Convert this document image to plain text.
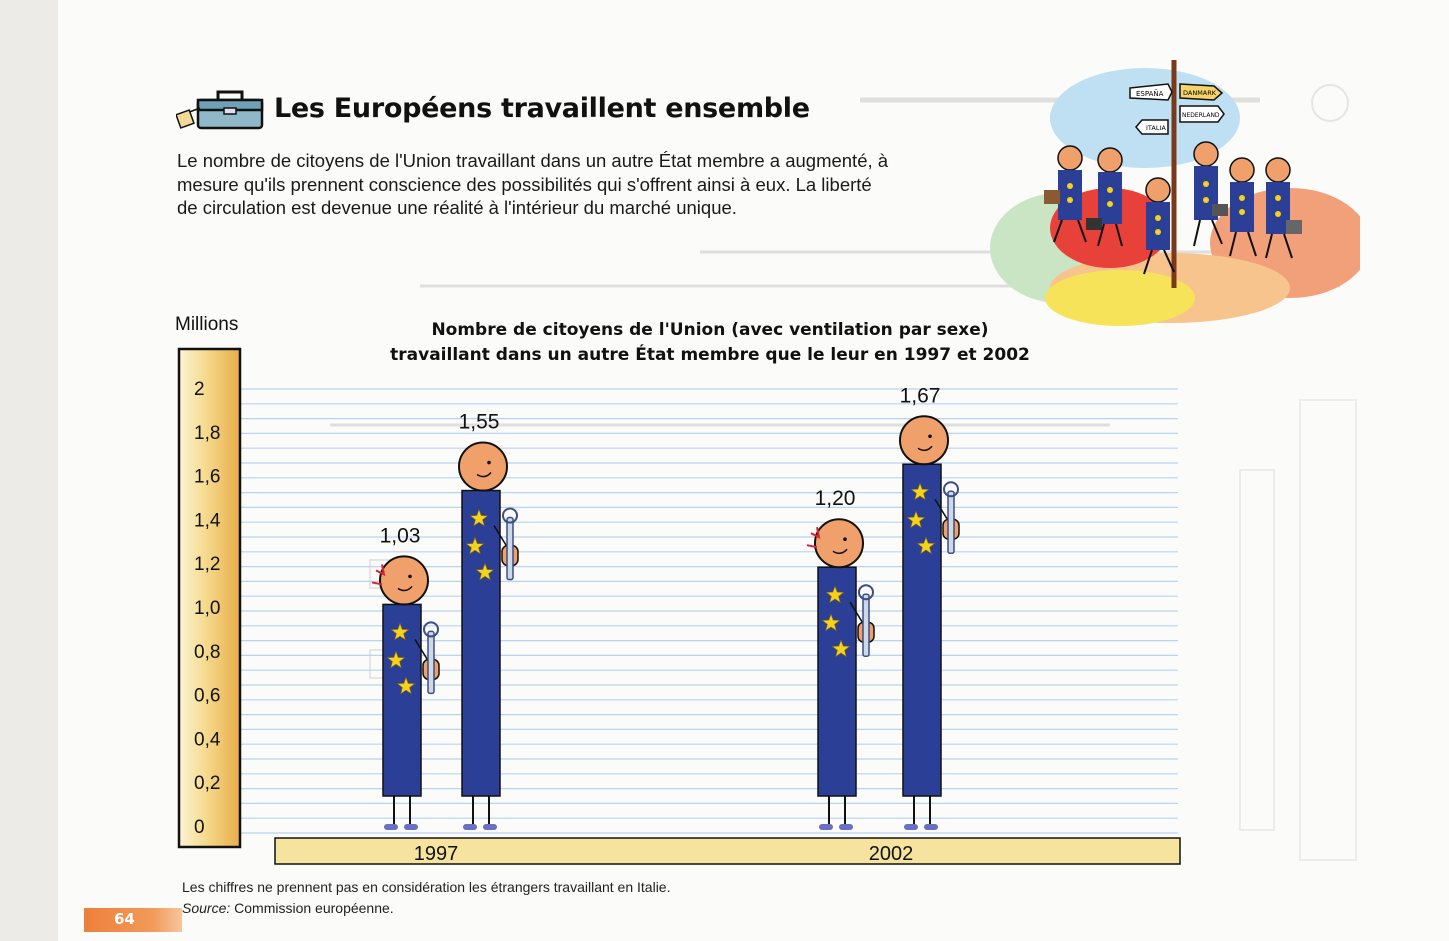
Les Européens travaillent ensemble

Le nombre de citoyens de l'Union travaillant dans un autre État membre a augmenté, à mesure qu'ils prennent conscience des possibilités qui s'offrent ainsi à eux. La liberté de circulation est devenue une réalité à l'intérieur du marché unique.

ESPAÑA	DANMARK
NEDERLAND
ITALIA
Millions	Nombre de citoyens de l'Union (avec ventilation par sexe)
travaillant dans un autre État membre que le leur en 1997 et 2002
0
0,2
0,4
0,6
0,8
1,0
1,2
1,4
1,6
1,8
2
1997	2002
1,03
1,55
1,20
1,67
Les chiffres ne prennent pas en considération les étrangers travaillant en Italie.
Source: Commission européenne.
64
